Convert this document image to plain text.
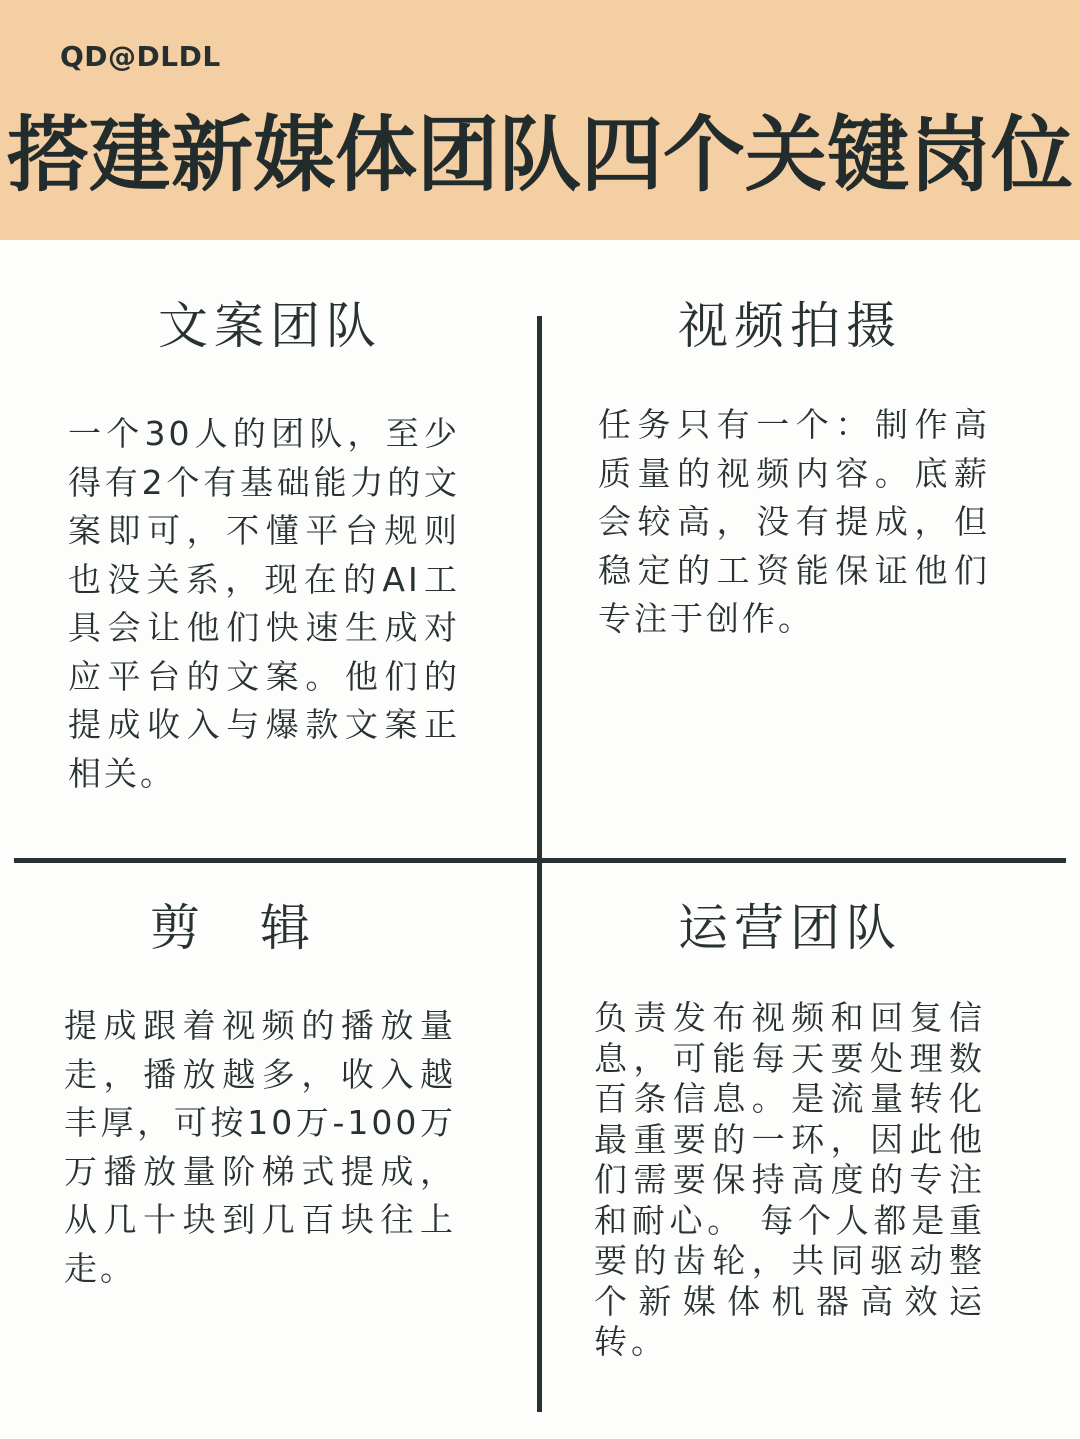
QD@DLDL
搭建新媒体团队四个关键岗位
文案团队
一个30人的团队，至少得有2个有基础能力的文案即可，不懂平台规则也没关系，现在的AI工具会让他们快速生成对应平台的文案。他们的提成收入与爆款文案正相关。
视频拍摄
任务只有一个：制作高质量的视频内容。底薪会较高，没有提成，但稳定的工资能保证他们专注于创作。
剪辑
提成跟着视频的播放量走，播放越多，收入越丰厚，可按10万-100万万播放量阶梯式提成，从几十块到几百块往上走。
运营团队
负责发布视频和回复信息，可能每天要处理数百条信息。是流量转化最重要的一环，因此他们需要保持高度的专注和耐心。 每个人都是重要的齿轮，共同驱动整个新媒体机器高效运转。
